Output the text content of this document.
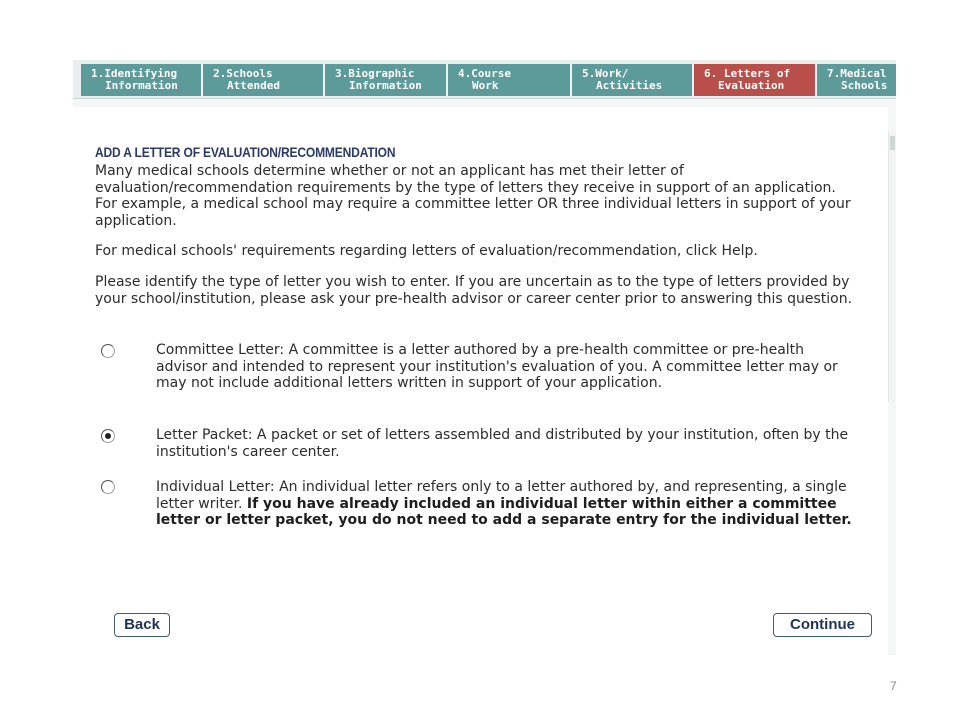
1.Identifying
Information
2.Schools
Attended
3.Biographic
Information
4.Course
Work
5.Work/
Activities
6. Letters of
Evaluation
7.Medical
Schools
ADD A LETTER OF EVALUATION/RECOMMENDATION

Many medical schools determine whether or not an applicant has met their letter of evaluation/recommendation requirements by the type of letters they receive in support of an application. For example, a medical school may require a committee letter OR three individual letters in support of your application.

For medical schools' requirements regarding letters of evaluation/recommendation, click Help.

Please identify the type of letter you wish to enter. If you are uncertain as to the type of letters provided by your school/institution, please ask your pre-health advisor or career center prior to answering this question.

Committee Letter: A committee is a letter authored by a pre-health committee or pre-health advisor and intended to represent your institution's evaluation of you. A committee letter may or may not include additional letters written in support of your application.

Letter Packet: A packet or set of letters assembled and distributed by your institution, often by the institution's career center.

Individual Letter: An individual letter refers only to a letter authored by, and representing, a single letter writer. If you have already included an individual letter within either a committee letter or letter packet, you do not need to add a separate entry for the individual letter.

Back	Continue
7
